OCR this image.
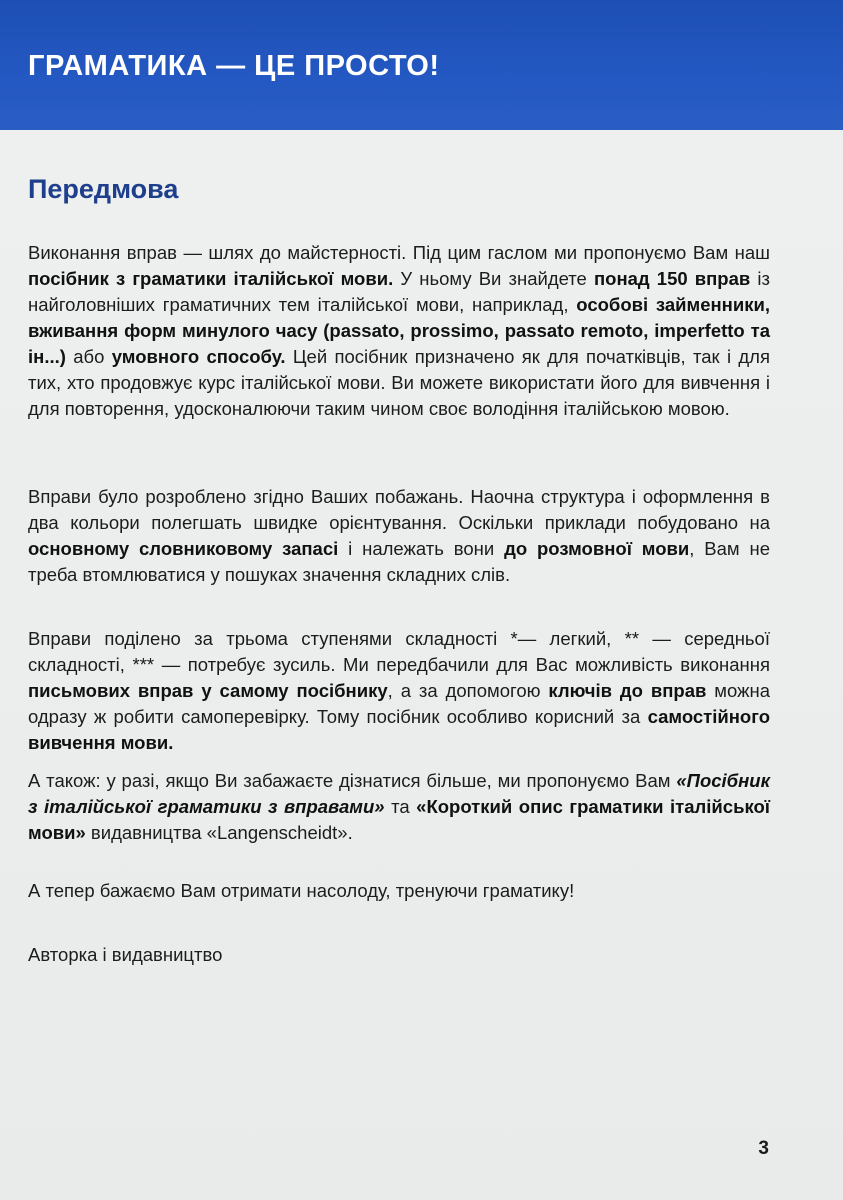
ГРАМАТИКА — ЦЕ ПРОСТО!
Передмова
Виконання вправ — шлях до майстерності. Під цим гаслом ми пропонуємо Вам наш посібник з граматики італійської мови. У ньому Ви знайдете понад 150 вправ із найголовніших граматичних тем італійської мови, наприклад, особові займенники, вживання форм минулого часу (passato, prossimo, passato remoto, imperfetto та ін...) або умовного способу. Цей посібник призначено як для початківців, так і для тих, хто продовжує курс італійської мови. Ви можете використати його для вивчення і для повторення, удосконалюючи таким чином своє володіння італійською мовою.
Вправи було розроблено згідно Ваших побажань. Наочна структура і оформлення в два кольори полегшать швидке орієнтування. Оскільки приклади побудовано на основному словниковому запасі і належать вони до розмовної мови, Вам не треба втомлюватися у пошуках значення складних слів.
Вправи поділено за трьома ступенями складності *— легкий, ** — середньої складності, *** — потребує зусиль. Ми передбачили для Вас можливість виконання письмових вправ у самому посібнику, а за допомогою ключів до вправ можна одразу ж робити самоперевірку. Тому посібник особливо корисний за самостійного вивчення мови.
А також: у разі, якщо Ви забажаєте дізнатися більше, ми пропонуємо Вам «Посібник з італійської граматики з вправами» та «Короткий опис граматики італійської мови» видавництва «Langenscheidt».
А тепер бажаємо Вам отримати насолоду, тренуючи граматику!
Авторка і видавництво
3
